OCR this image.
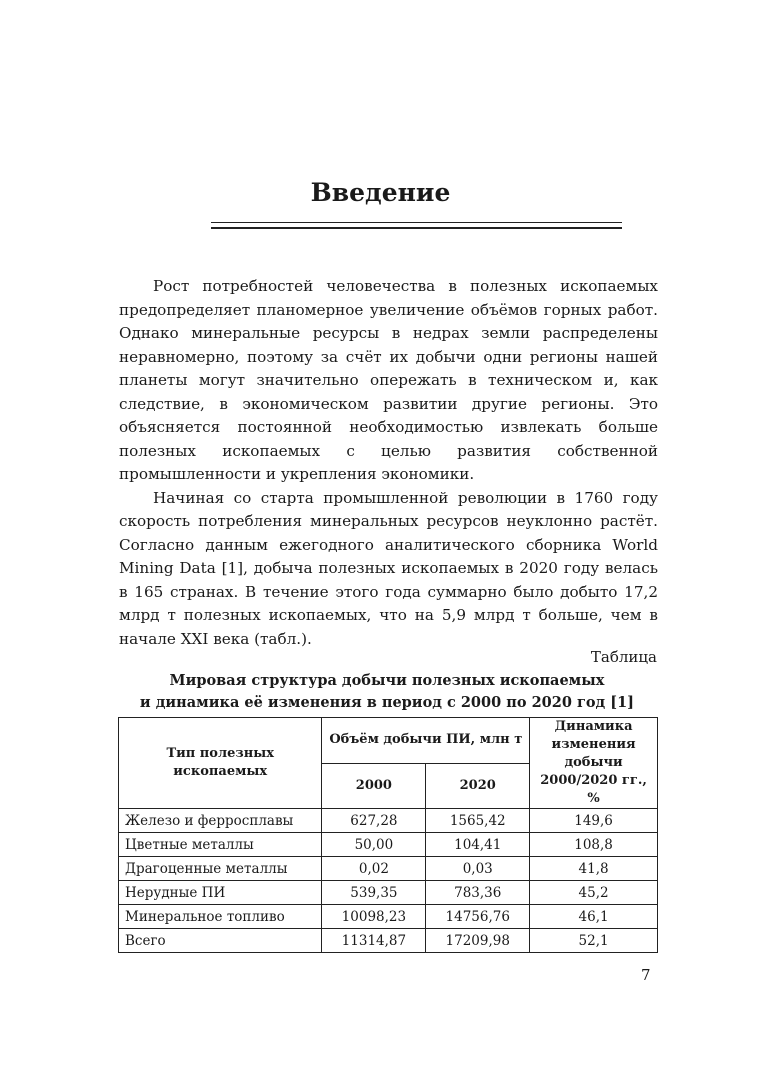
Введение

Рост потребностей человечества в полезных ископаемых предопределяет планомерное увеличение объёмов горных работ. Однако минеральные ресурсы в недрах земли распределены неравномерно, поэтому за счёт их добычи одни регионы нашей планеты могут значительно опережать в техническом и, как следствие, в экономическом развитии другие регионы. Это объясняется постоянной необходимостью извлекать больше полезных ископаемых с целью развития собственной промышленности и укрепления экономики.

Начиная со старта промышленной революции в 1760 году скорость потребления минеральных ресурсов неуклонно растёт. Согласно данным ежегодного аналитического сборника World Mining Data [1], добыча полезных ископаемых в 2020 году велась в 165 странах. В течение этого года суммарно было добыто 17,2 млрд т полезных ископаемых, что на 5,9 млрд т больше, чем в начале XXI века (табл.).

Таблица
Мировая структура добычи полезных ископаемых
и динамика её изменения в период с 2000 по 2020 год [1]
Тип полезных ископаемых	Объём добычи ПИ, млн т		Динамика изменения добычи 2000/2020 гг., %
	2000	2020	
Железо и ферросплавы	627,28	1565,42	149,6
Цветные металлы	50,00	104,41	108,8
Драгоценные металлы	0,02	0,03	41,8
Нерудные ПИ	539,35	783,36	45,2
Минеральное топливо	10098,23	14756,76	46,1
Всего	11314,87	17209,98	52,1
7
